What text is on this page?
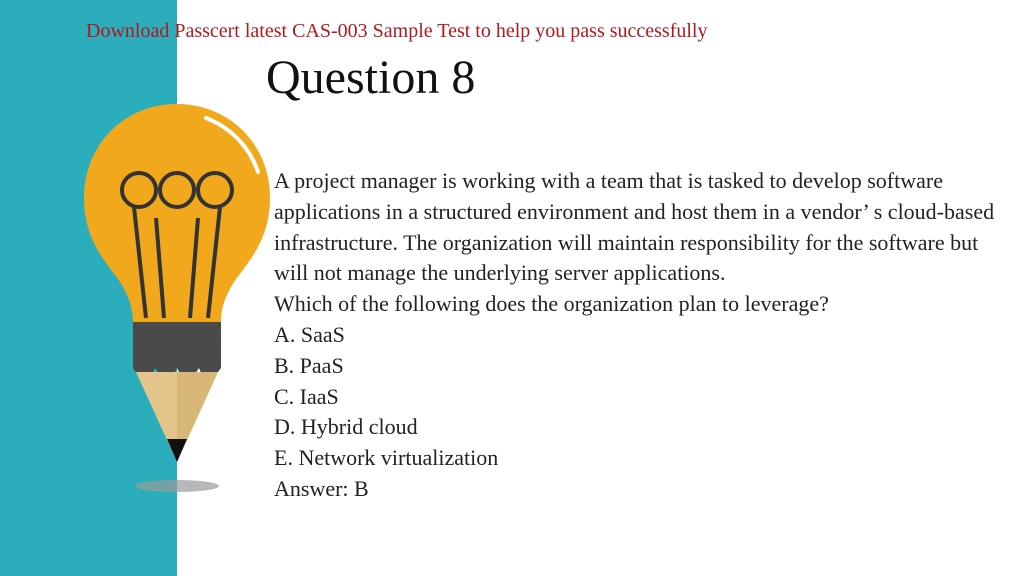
Download Passcert latest CAS-003 Sample Test to help you pass successfully
Question 8

A project manager is working with a team that is tasked to develop software applications in a structured environment and host them in a vendor’ s cloud-based infrastructure. The organization will maintain responsibility for the software but will not manage the underlying server applications.

Which of the following does the organization plan to leverage?

A. SaaS

B. PaaS

C. IaaS

D. Hybrid cloud

E. Network virtualization

Answer: B
